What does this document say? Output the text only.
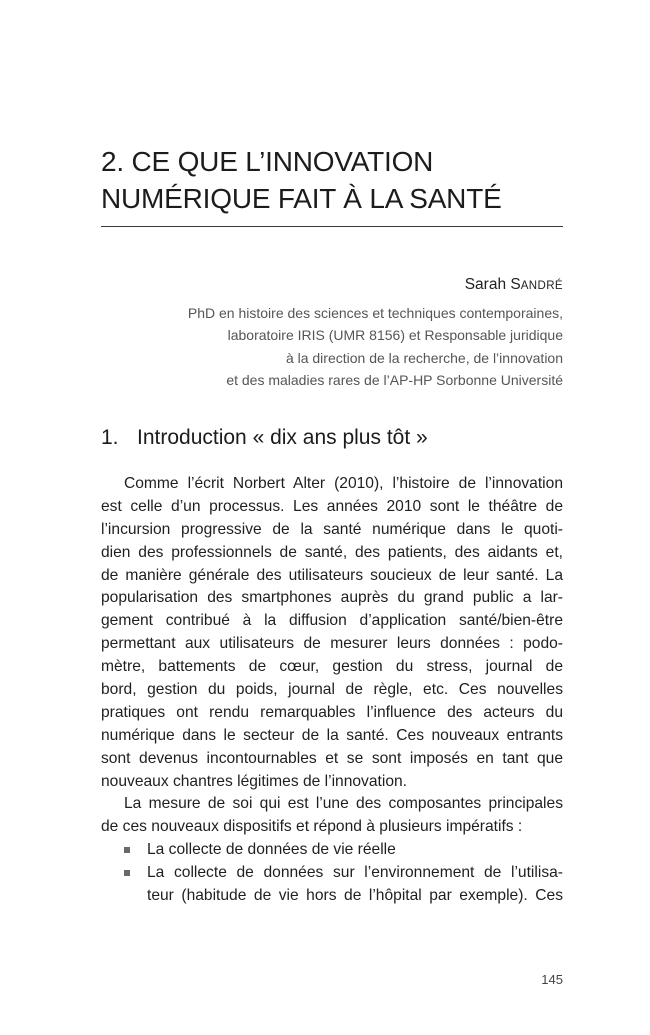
2. CE QUE L’INNOVATION
NUMÉRIQUE FAIT À LA SANTÉ
Sarah SANDRÉ
PhD en histoire des sciences et techniques contemporaines,
laboratoire IRIS (UMR 8156) et Responsable juridique
à la direction de la recherche, de l’innovation
et des maladies rares de l’AP-HP Sorbonne Université
1. Introduction « dix ans plus tôt »
Comme l’écrit Norbert Alter (2010), l’histoire de l’innovation
est celle d’un processus. Les années 2010 sont le théâtre de
l’incursion progressive de la santé numérique dans le quoti-
dien des professionnels de santé, des patients, des aidants et,
de manière générale des utilisateurs soucieux de leur santé. La
popularisation des smartphones auprès du grand public a lar-
gement contribué à la diffusion d’application santé/bien-être
permettant aux utilisateurs de mesurer leurs données : podo-
mètre, battements de cœur, gestion du stress, journal de
bord, gestion du poids, journal de règle, etc. Ces nouvelles
pratiques ont rendu remarquables l’influence des acteurs du
numérique dans le secteur de la santé. Ces nouveaux entrants
sont devenus incontournables et se sont imposés en tant que
nouveaux chantres légitimes de l’innovation.
La mesure de soi qui est l’une des composantes principales
de ces nouveaux dispositifs et répond à plusieurs impératifs :
La collecte de données de vie réelle
La collecte de données sur l’environnement de l’utilisa-
teur (habitude de vie hors de l’hôpital par exemple). Ces
145
